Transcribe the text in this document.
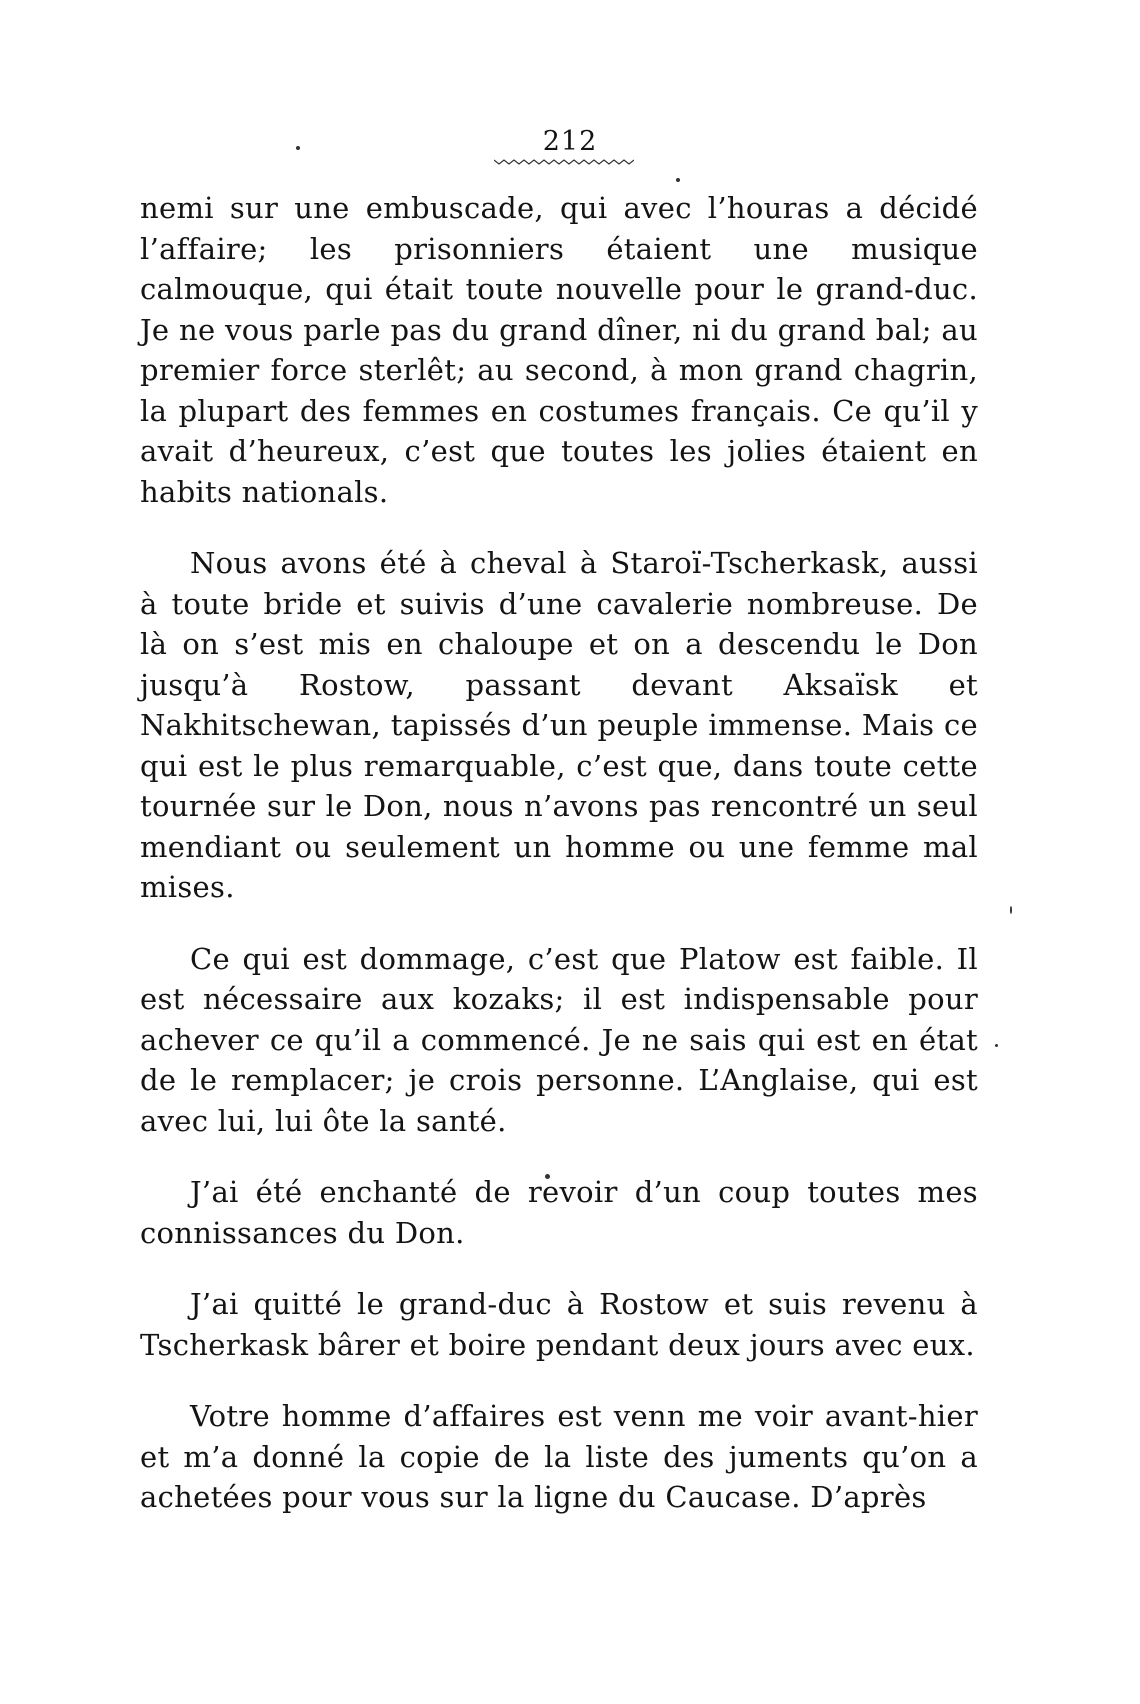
212

nemi sur une embuscade, qui avec l’houras a décidé l’affaire; les prisonniers étaient une musique calmouque, qui était toute nouvelle pour le grand-duc. Je ne vous parle pas du grand dîner, ni du grand bal; au premier force sterlêt; au second, à mon grand chagrin, la plupart des femmes en costumes français. Ce qu’il y avait d’heureux, c’est que toutes les jolies étaient en habits nationals.

Nous avons été à cheval à Staroï-Tscherkask, aussi à toute bride et suivis d’une cavalerie nombreuse. De là on s’est mis en chaloupe et on a descendu le Don jusqu’à Rostow, passant devant Aksaïsk et Nakhitschewan, tapissés d’un peuple immense. Mais ce qui est le plus remarquable, c’est que, dans toute cette tournée sur le Don, nous n’avons pas rencontré un seul mendiant ou seulement un homme ou une femme mal mises.

Ce qui est dommage, c’est que Platow est faible. Il est nécessaire aux kozaks; il est indispensable pour achever ce qu’il a commencé. Je ne sais qui est en état de le remplacer; je crois personne. L’Anglaise, qui est avec lui, lui ôte la santé.

J’ai été enchanté de revoir d’un coup toutes mes connissances du Don.

J’ai quitté le grand-duc à Rostow et suis revenu à Tscherkask bârer et boire pendant deux jours avec eux.

Votre homme d’affaires est venn me voir avant-hier et m’a donné la copie de la liste des juments qu’on a achetées pour vous sur la ligne du Caucase. D’après
